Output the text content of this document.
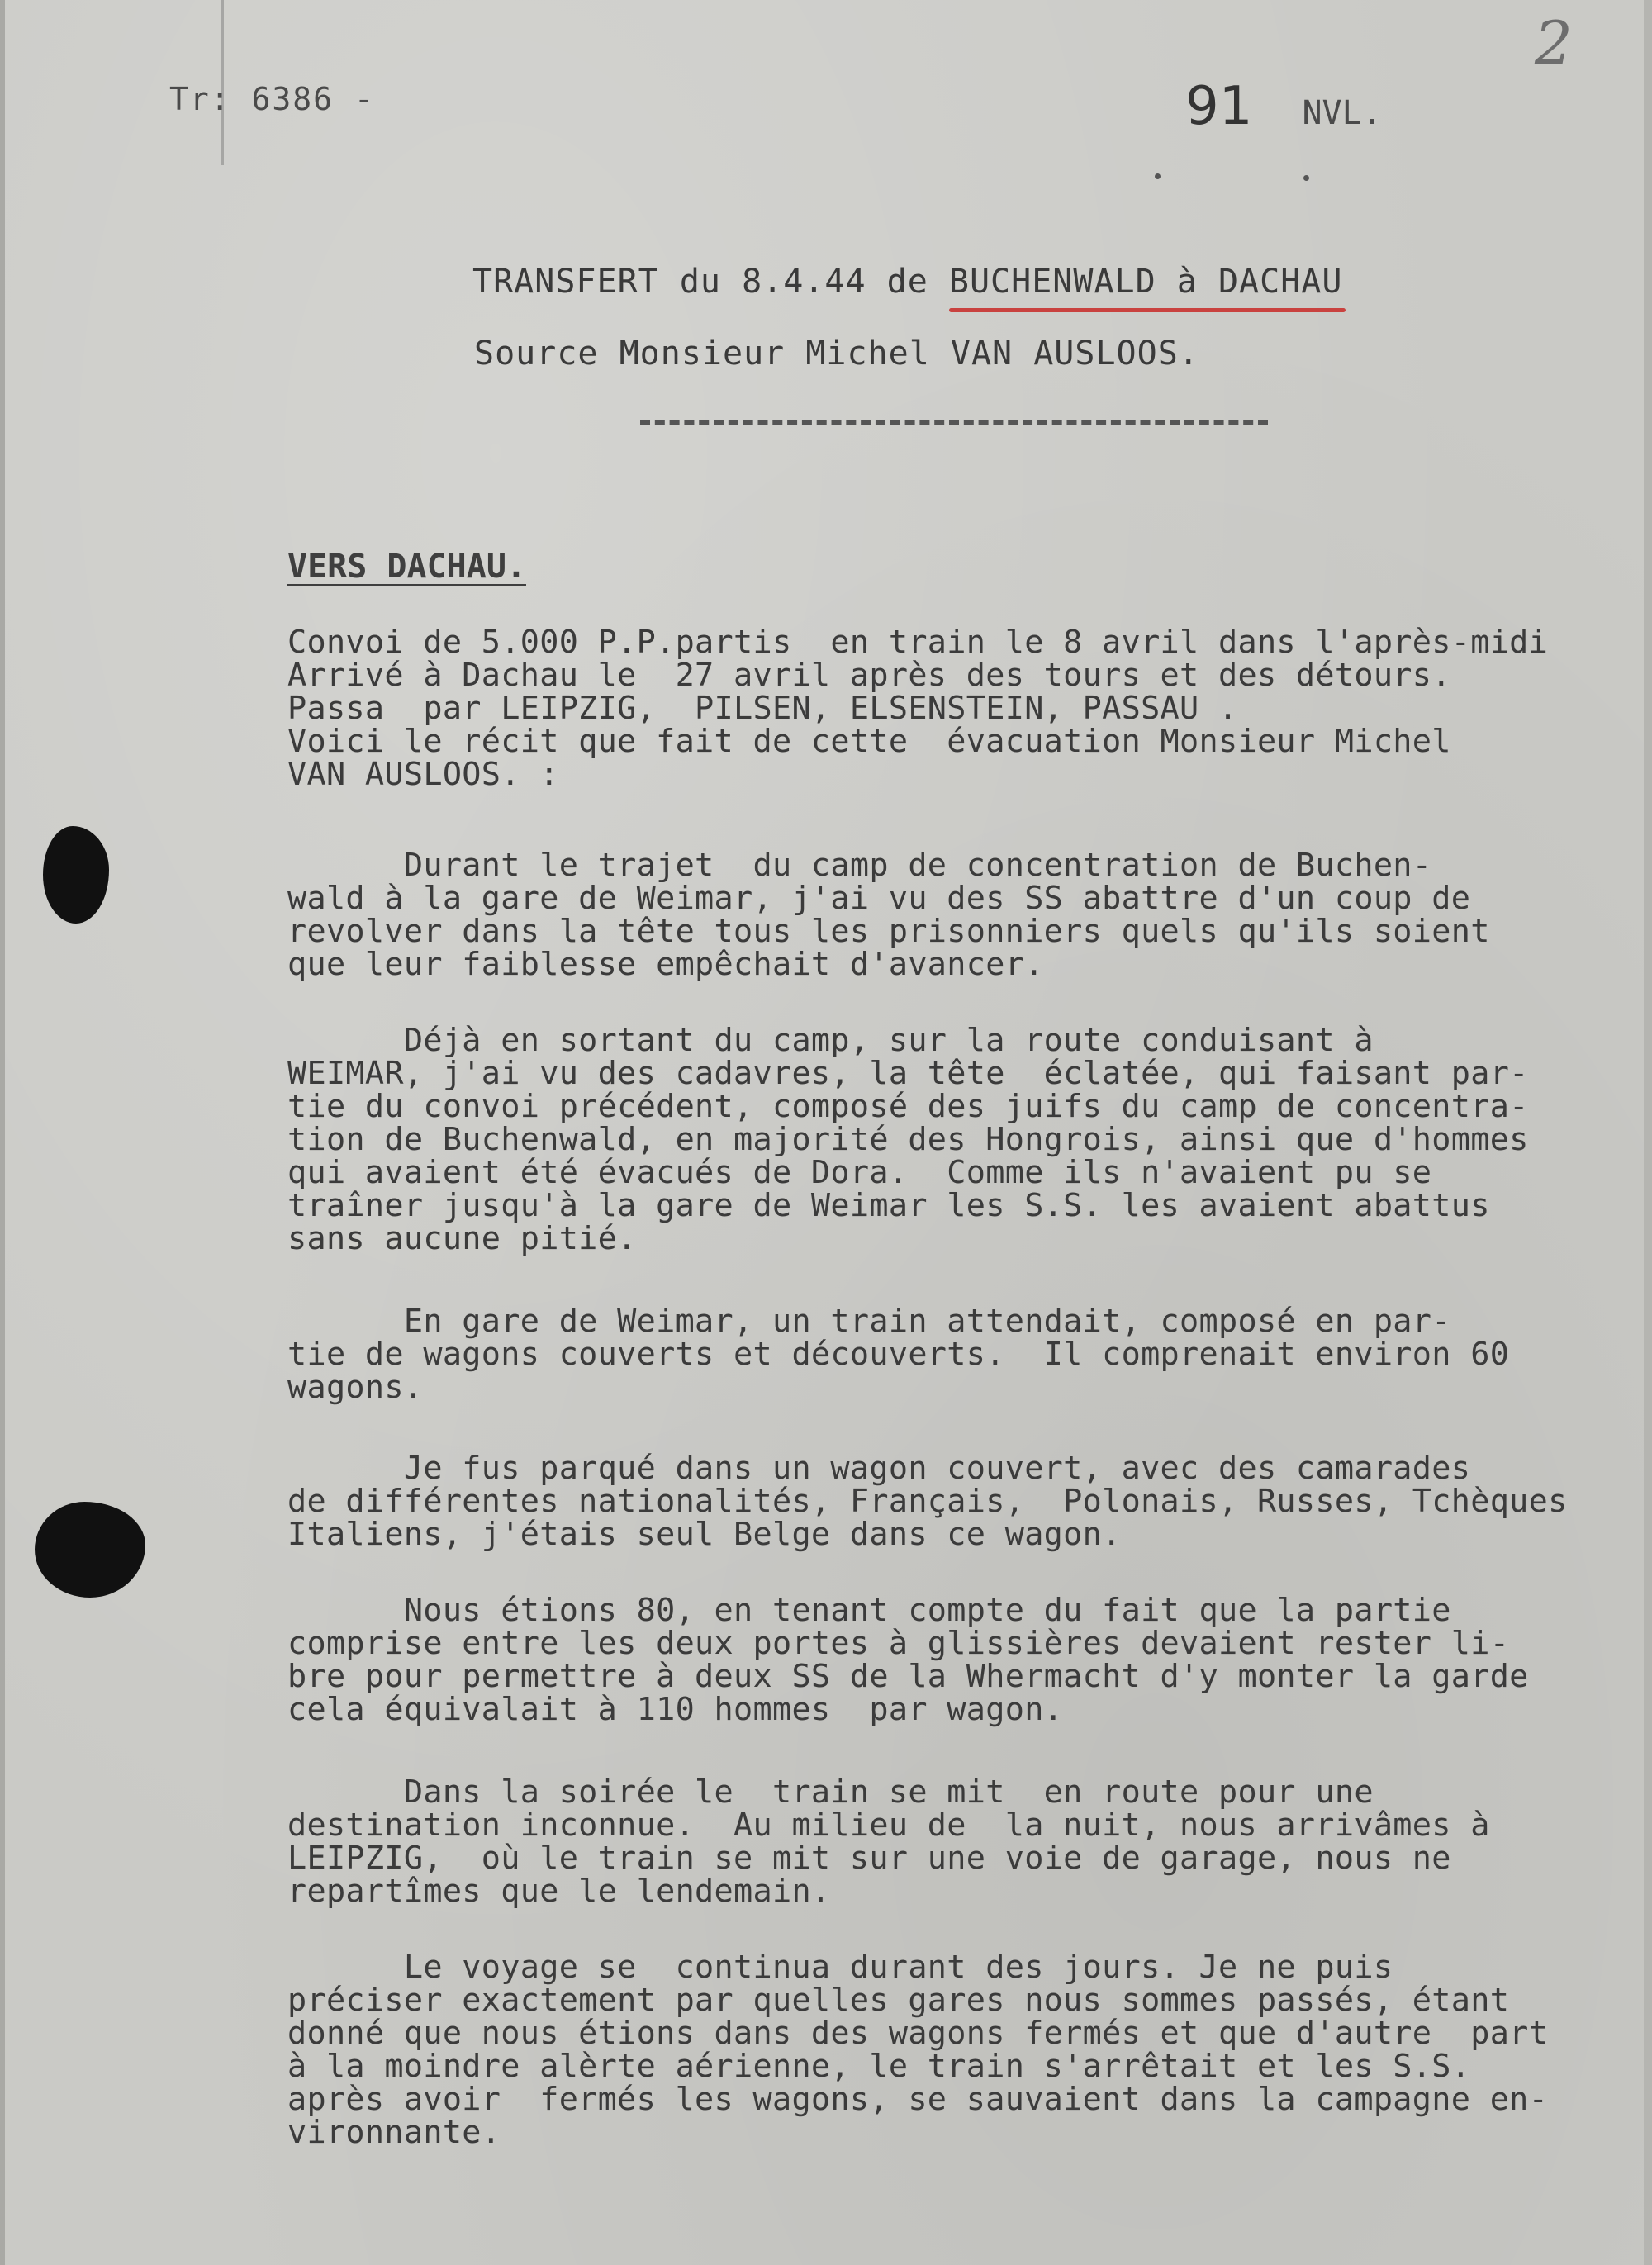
Tr: 6386 -	91 NVL.
2
TRANSFERT du 8.4.44 de BUCHENWALD à DACHAU
Source Monsieur Michel VAN AUSLOOS.
VERS DACHAU.
Convoi de 5.000 P.P.partis  en train le 8 avril dans l'après-midi
Arrivé à Dachau le  27 avril après des tours et des détours.
Passa  par LEIPZIG,  PILSEN, ELSENSTEIN, PASSAU .
Voici le récit que fait de cette  évacuation Monsieur Michel
VAN AUSLOOS. :
Durant le trajet  du camp de concentration de Buchen-
wald à la gare de Weimar, j'ai vu des SS abattre d'un coup de
revolver dans la tête tous les prisonniers quels qu'ils soient
que leur faiblesse empêchait d'avancer.
Déjà en sortant du camp, sur la route conduisant à
WEIMAR, j'ai vu des cadavres, la tête  éclatée, qui faisant par-
tie du convoi précédent, composé des juifs du camp de concentra-
tion de Buchenwald, en majorité des Hongrois, ainsi que d'hommes
qui avaient été évacués de Dora.  Comme ils n'avaient pu se
traîner jusqu'à la gare de Weimar les S.S. les avaient abattus
sans aucune pitié.
En gare de Weimar, un train attendait, composé en par-
tie de wagons couverts et découverts.  Il comprenait environ 60
wagons.
Je fus parqué dans un wagon couvert, avec des camarades
de différentes nationalités, Français,  Polonais, Russes, Tchèques
Italiens, j'étais seul Belge dans ce wagon.
Nous étions 80, en tenant compte du fait que la partie
comprise entre les deux portes à glissières devaient rester li-
bre pour permettre à deux SS de la Whermacht d'y monter la garde
cela équivalait à 110 hommes  par wagon.
Dans la soirée le  train se mit  en route pour une
destination inconnue.  Au milieu de  la nuit, nous arrivâmes à
LEIPZIG,  où le train se mit sur une voie de garage, nous ne
repartîmes que le lendemain.
Le voyage se  continua durant des jours. Je ne puis
préciser exactement par quelles gares nous sommes passés, étant
donné que nous étions dans des wagons fermés et que d'autre  part
à la moindre alèrte aérienne, le train s'arrêtait et les S.S.
après avoir  fermés les wagons, se sauvaient dans la campagne en-
vironnante.
